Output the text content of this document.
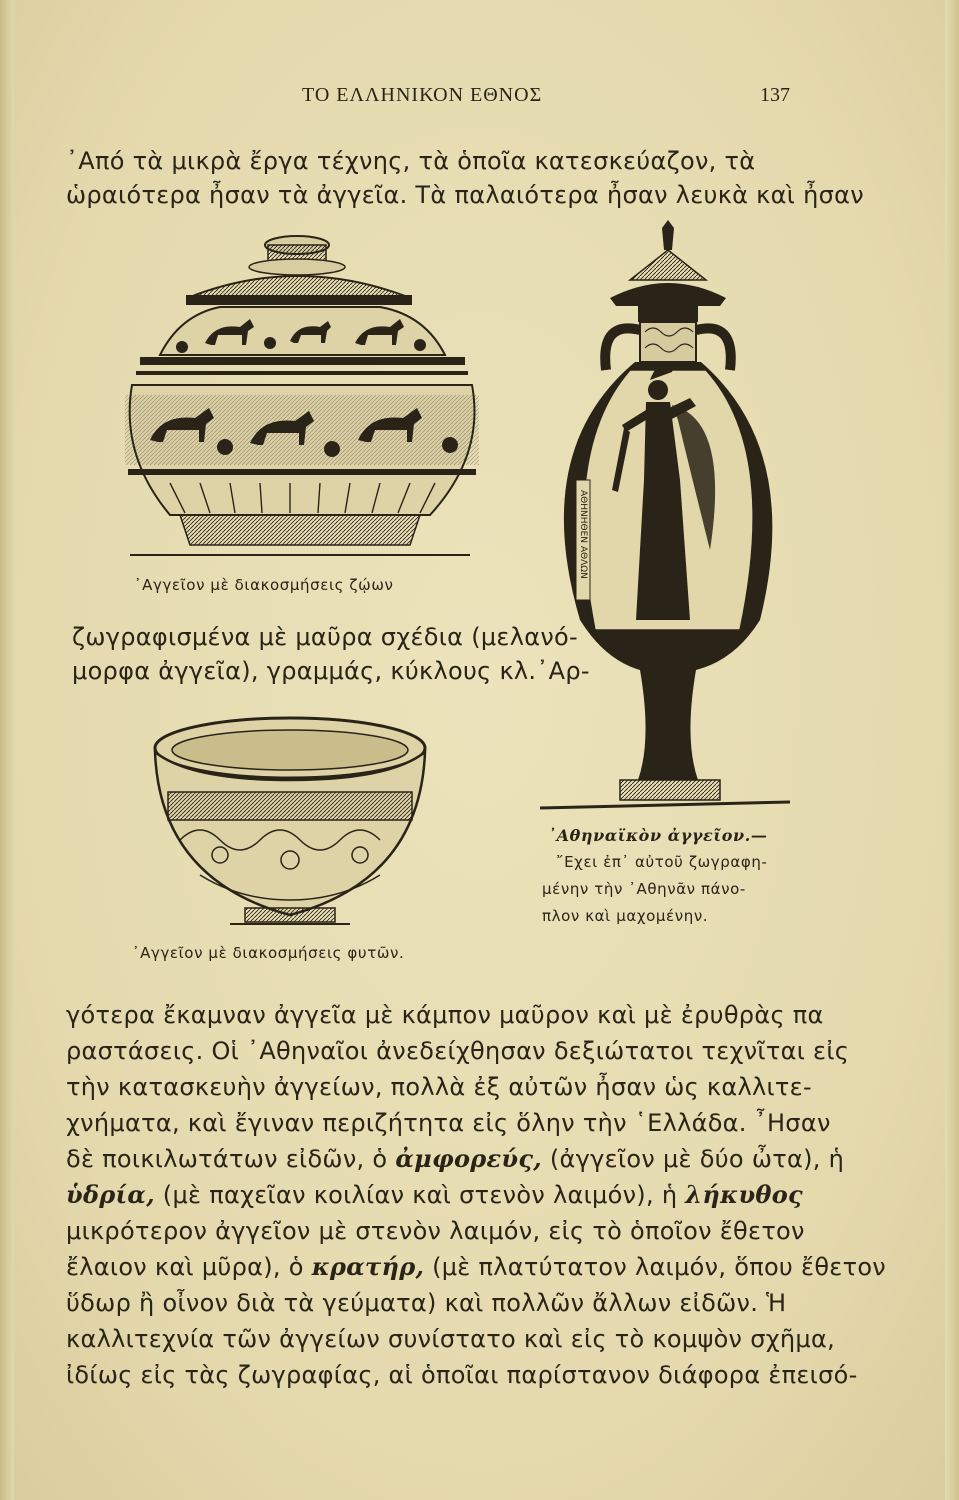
ΤΟ ΕΛΛΗΝΙΚΟΝ ΕΘΝΟΣ	137
᾿Από τὰ μικρὰ ἔργα τέχνης, τὰ ὁποῖα κατεσκεύαζον, τὰ
ὡραιότερα ἦσαν τὰ ἀγγεῖα. Τὰ παλαιότερα ἦσαν λευκὰ καὶ ἦσαν
᾿Αγγεῖον μὲ διακοσμήσεις ζῴων
ζωγραφισμένα μὲ μαῦρα σχέδια (μελανό-
μορφα ἀγγεῖα), γραμμάς, κύκλους κλ.᾿Αρ-
᾿Αγγεῖον μὲ διακοσμήσεις φυτῶν.
ΑΘΗΝΗΘΕΝ ΑΘΛΩΝ
᾿Αθηναϊκὸν ἀγγεῖον.—
῎Εχει ἐπ᾿ αὐτοῦ ζωγραφη-
μένην τὴν ᾿Αθηνᾶν πάνο-
πλον καὶ μαχομένην.
γότερα ἔκαμναν ἀγγεῖα μὲ κάμπον μαῦρον καὶ μὲ ἐρυθρὰς πα
ραστάσεις. Οἱ ᾿Αθηναῖοι ἀνεδείχθησαν δεξιώτατοι τεχνῖται εἰς
τὴν κατασκευὴν ἀγγείων, πολλὰ ἐξ αὐτῶν ἦσαν ὡς καλλιτε-
χνήματα, καὶ ἔγιναν περιζήτητα εἰς ὅλην τὴν ῾Ελλάδα. ῏Ησαν
δὲ ποικιλωτάτων εἰδῶν, ὁ ἀμφορεύς, (ἀγγεῖον μὲ δύο ὦτα), ἡ
ὑδρία, (μὲ παχεῖαν κοιλίαν καὶ στενὸν λαιμόν), ἡ λήκυθος
μικρότερον ἀγγεῖον μὲ στενὸν λαιμόν, εἰς τὸ ὁποῖον ἔθετον
ἔλαιον καὶ μῦρα), ὁ κρατήρ, (μὲ πλατύτατον λαιμόν, ὅπου ἔθετον
ὕδωρ ἢ οἶνον διὰ τὰ γεύματα) καὶ πολλῶν ἄλλων εἰδῶν. Ἡ
καλλιτεχνία τῶν ἀγγείων συνίστατο καὶ εἰς τὸ κομψὸν σχῆμα,
ἰδίως εἰς τὰς ζωγραφίας, αἱ ὁποῖαι παρίστανον διάφορα ἐπεισό-
